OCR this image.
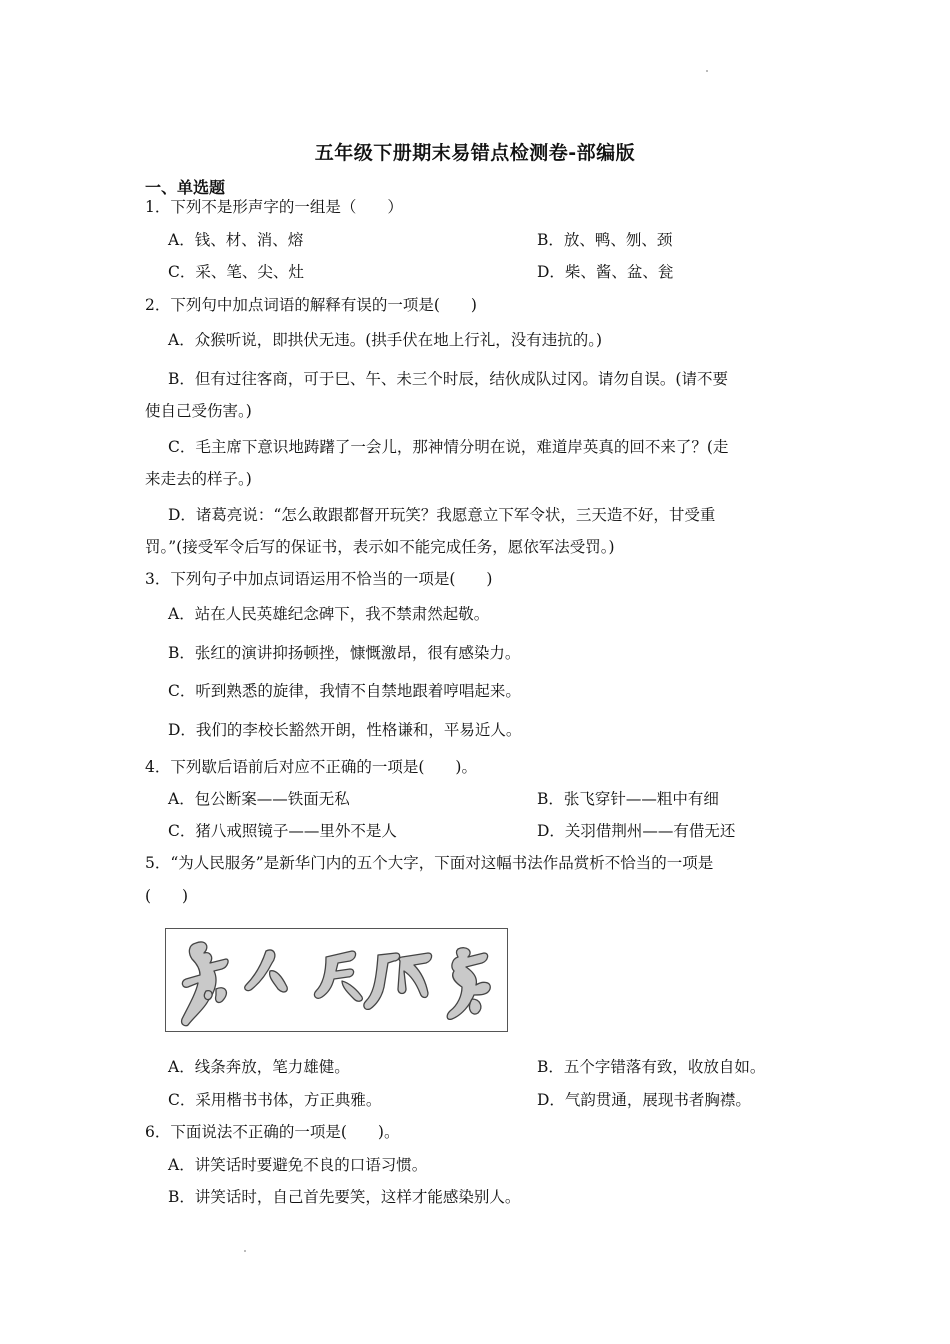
五年级下册期末易错点检测卷-部编版
一、单选题
1．下列不是形声字的一组是（　　）
A．钱、材、消、熔	B．放、鸭、刎、颈
C．采、笔、尖、灶	D．柴、酱、盆、瓮
2．下列句中加点词语的解释有误的一项是(　　)
A．众猴听说，即拱伏无违。(拱手伏在地上行礼，没有违抗的。)
B．但有过往客商，可于巳、午、未三个时辰，结伙成队过冈。请勿自误。(请不要
使自己受伤害。)
C．毛主席下意识地踌躇了一会儿，那神情分明在说，难道岸英真的回不来了？(走
来走去的样子。)
D．诸葛亮说：“怎么敢跟都督开玩笑？我愿意立下军令状，三天造不好，甘受重
罚。”(接受军令后写的保证书，表示如不能完成任务，愿依军法受罚。)
3．下列句子中加点词语运用不恰当的一项是(　　)
A．站在人民英雄纪念碑下，我不禁肃然起敬。
B．张红的演讲抑扬顿挫，慷慨激昂，很有感染力。
C．听到熟悉的旋律，我情不自禁地跟着哼唱起来。
D．我们的李校长豁然开朗，性格谦和，平易近人。
4．下列歇后语前后对应不正确的一项是(　　)。
A．包公断案——铁面无私	B．张飞穿针——粗中有细
C．猪八戒照镜子——里外不是人	D．关羽借荆州——有借无还
5．“为人民服务”是新华门内的五个大字，下面对这幅书法作品赏析不恰当的一项是
(　　)
A．线条奔放，笔力雄健。	B．五个字错落有致，收放自如。
C．采用楷书书体，方正典雅。	D．气韵贯通，展现书者胸襟。
6．下面说法不正确的一项是(　　)。
A．讲笑话时要避免不良的口语习惯。
B．讲笑话时，自己首先要笑，这样才能感染别人。
